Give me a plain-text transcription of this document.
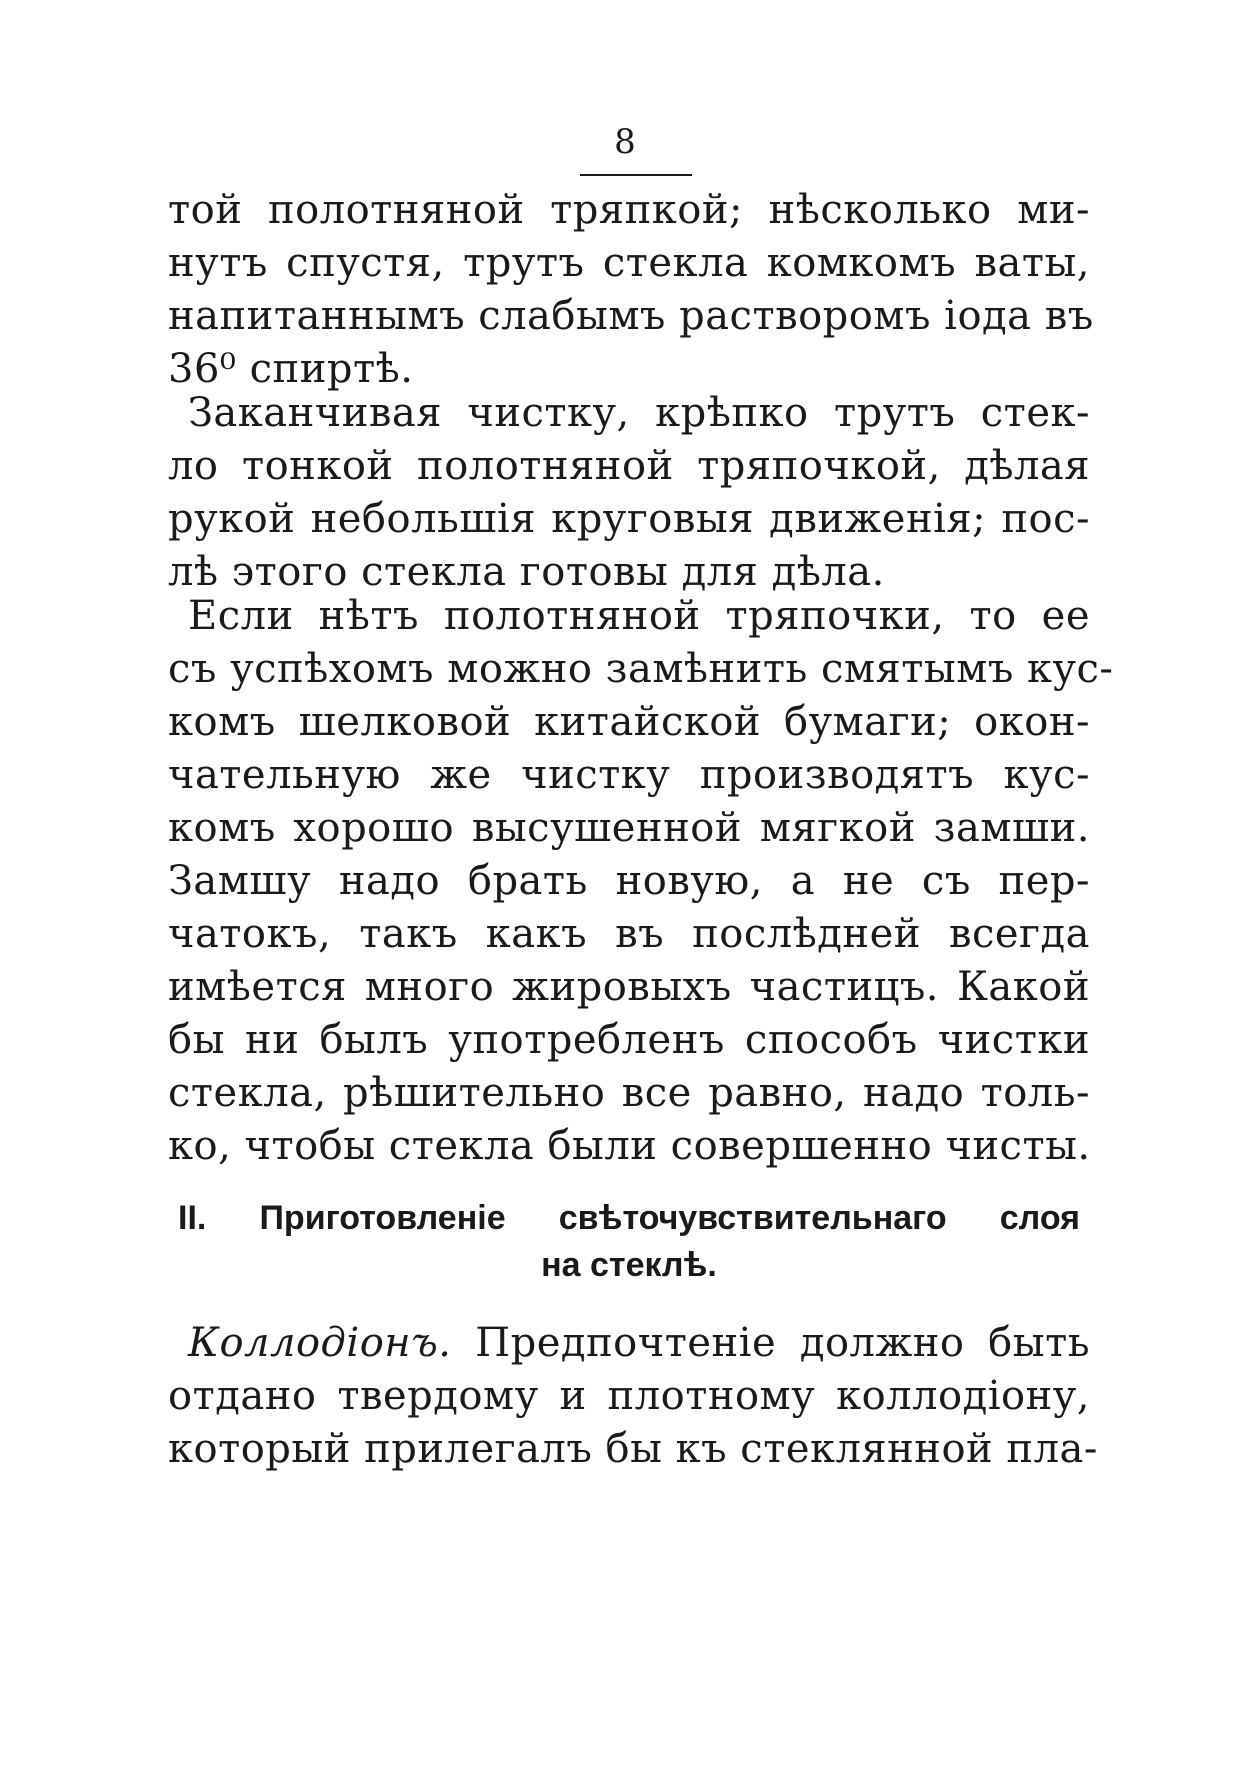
8
той полотняной тряпкой; нѣсколько ми-
нутъ спустя, трутъ стекла комкомъ ваты,
напитаннымъ слабымъ растворомъ іода въ
36⁰ спиртѣ.
Заканчивая чистку, крѣпко трутъ стек-
ло тонкой полотняной тряпочкой, дѣлая
рукой небольшія круговыя движенія; пос-
лѣ этого стекла готовы для дѣла.
Если нѣтъ полотняной тряпочки, то ее
съ успѣхомъ можно замѣнить смятымъ кус-
комъ шелковой китайской бумаги; окон-
чательную же чистку производятъ кус-
комъ хорошо высушенной мягкой замши.
Замшу надо брать новую, а не съ пер-
чатокъ, такъ какъ въ послѣдней всегда
имѣется много жировыхъ частицъ. Какой
бы ни былъ употребленъ способъ чистки
стекла, рѣшительно все равно, надо толь-
ко, чтобы стекла были совершенно чисты.
II. Приготовленіе свѣточувствительнаго слоя
на стеклѣ.
Коллодіонъ. Предпочтеніе должно быть
отдано твердому и плотному коллодіону,
который прилегалъ бы къ стеклянной пла-
